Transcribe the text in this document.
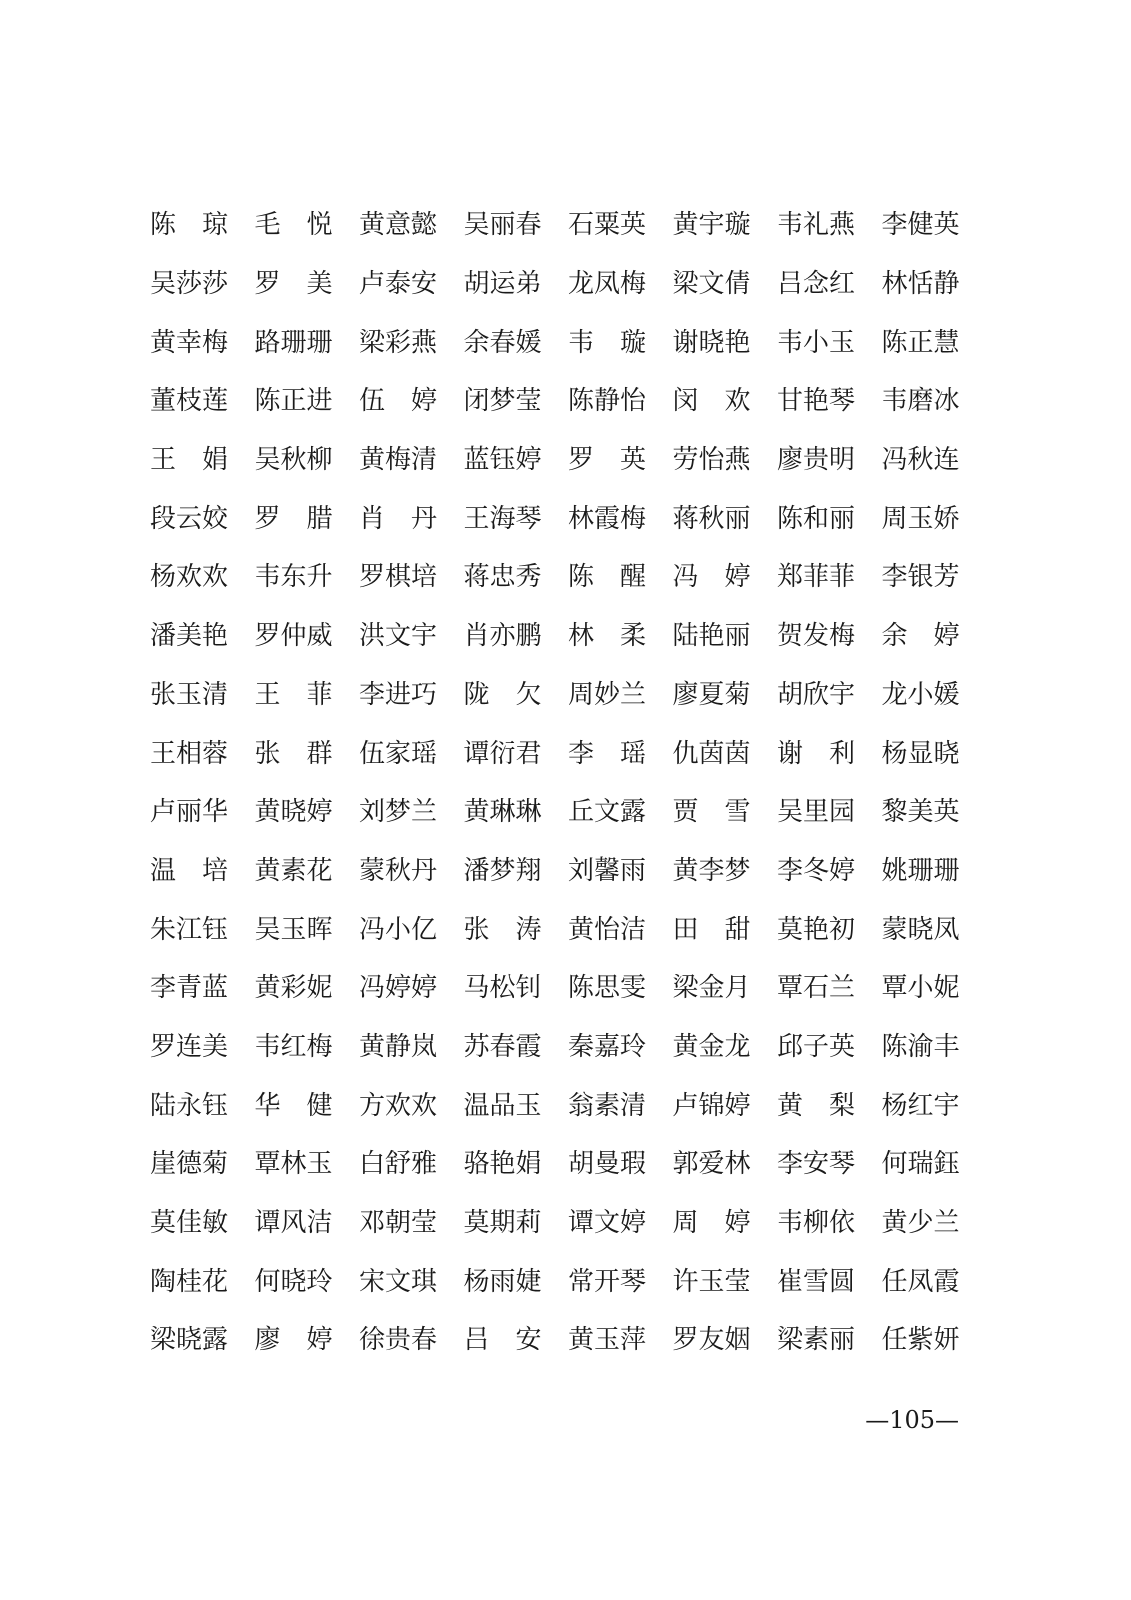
陈　琼	毛　悦	黄意懿	吴丽春	石粟英	黄宇璇	韦礼燕	李健英
吴莎莎	罗　美	卢泰安	胡运弟	龙凤梅	梁文倩	吕念红	林恬静
黄幸梅	路珊珊	梁彩燕	余春媛	韦　璇	谢晓艳	韦小玉	陈正慧
董枝莲	陈正进	伍　婷	闭梦莹	陈静怡	闵　欢	甘艳琴	韦磨冰
王　娟	吴秋柳	黄梅清	蓝钰婷	罗　英	劳怡燕	廖贵明	冯秋连
段云姣	罗　腊	肖　丹	王海琴	林霞梅	蒋秋丽	陈和丽	周玉娇
杨欢欢	韦东升	罗棋培	蒋忠秀	陈　醒	冯　婷	郑菲菲	李银芳
潘美艳	罗仲威	洪文宇	肖亦鹏	林　柔	陆艳丽	贺发梅	余　婷
张玉清	王　菲	李进巧	陇　欠	周妙兰	廖夏菊	胡欣宇	龙小媛
王相蓉	张　群	伍家瑶	谭衍君	李　瑶	仇茵茵	谢　利	杨显晓
卢丽华	黄晓婷	刘梦兰	黄琳琳	丘文露	贾　雪	吴里园	黎美英
温　培	黄素花	蒙秋丹	潘梦翔	刘馨雨	黄李梦	李冬婷	姚珊珊
朱江钰	吴玉晖	冯小亿	张　涛	黄怡洁	田　甜	莫艳初	蒙晓凤
李青蓝	黄彩妮	冯婷婷	马松钊	陈思雯	梁金月	覃石兰	覃小妮
罗连美	韦红梅	黄静岚	苏春霞	秦嘉玲	黄金龙	邱子英	陈渝丰
陆永钰	华　健	方欢欢	温品玉	翁素清	卢锦婷	黄　梨	杨红宇
崖德菊	覃林玉	白舒雅	骆艳娟	胡曼瑕	郭爱林	李安琴	何瑞鈺
莫佳敏	谭风洁	邓朝莹	莫期莉	谭文婷	周　婷	韦柳依	黄少兰
陶桂花	何晓玲	宋文琪	杨雨婕	常开琴	许玉莹	崔雪圆	任凤霞
梁晓露	廖　婷	徐贵春	吕　安	黄玉萍	罗友姻	梁素丽	任紫妍
—105—
